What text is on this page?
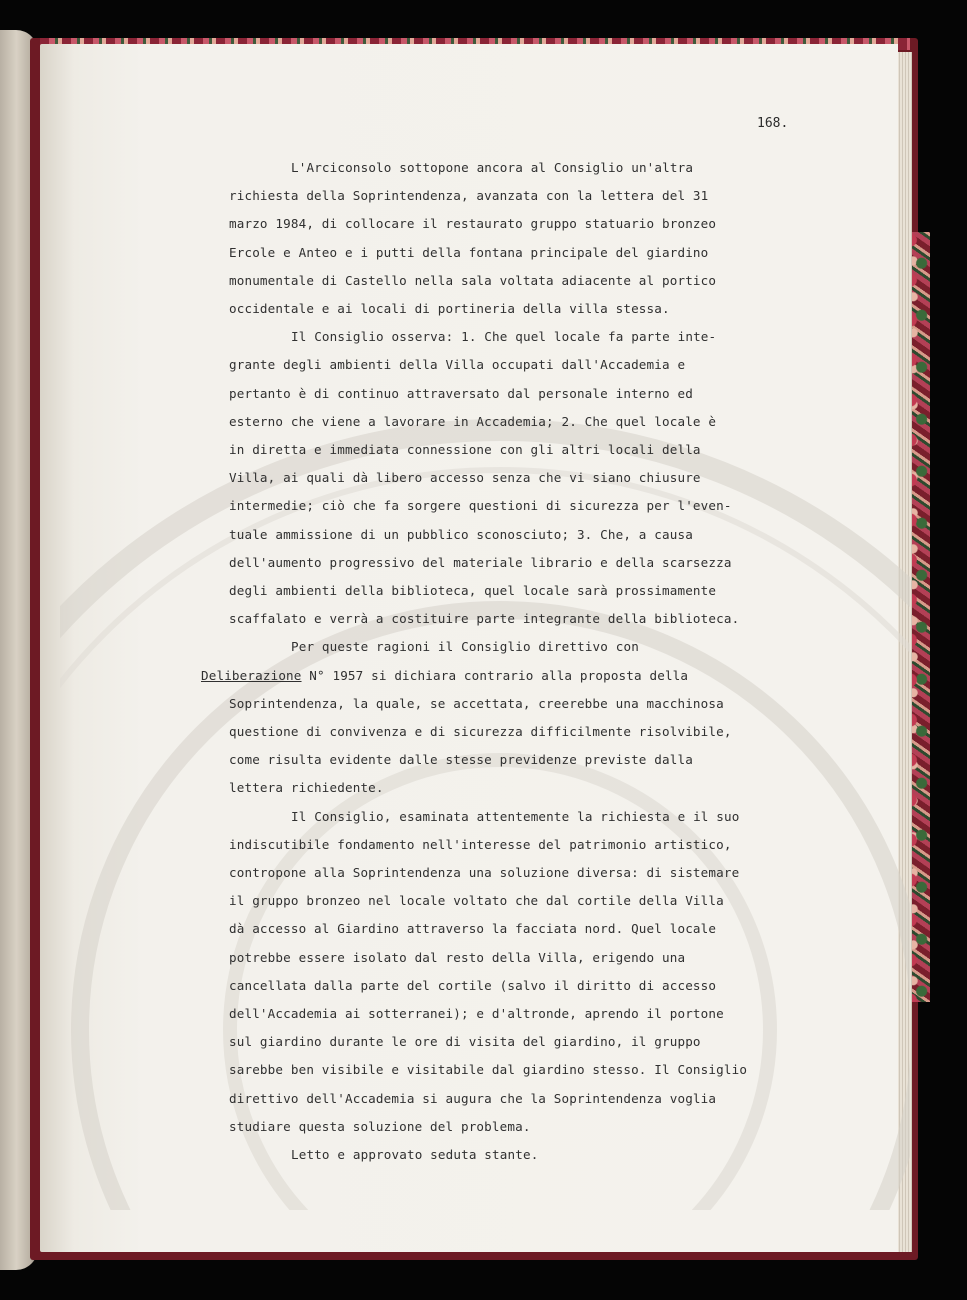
168.

L'Arciconsolo sottopone ancora al Consiglio un'altra

richiesta della Soprintendenza, avanzata con la lettera del 31

marzo 1984, di collocare il restaurato gruppo statuario bronzeo

Ercole e Anteo e i putti della fontana principale del giardino

monumentale di Castello nella sala voltata adiacente al portico

occidentale e ai locali di portineria della villa stessa.

Il Consiglio osserva: 1. Che quel locale fa parte inte-

grante degli ambienti della Villa occupati dall'Accademia e

pertanto è di continuo attraversato dal personale interno ed

esterno che viene a lavorare in Accademia; 2. Che quel locale è

in diretta e immediata connessione con gli altri locali della

Villa, ai quali dà libero accesso senza che vi siano chiusure

intermedie; ciò che fa sorgere questioni di sicurezza per l'even-

tuale ammissione di un pubblico sconosciuto; 3. Che, a causa

dell'aumento progressivo del materiale librario e della scarsezza

degli ambienti della biblioteca, quel locale sarà prossimamente

scaffalato e verrà a costituire parte integrante della biblioteca.

Per queste ragioni il Consiglio direttivo con

Deliberazione N° 1957 si dichiara contrario alla proposta della

Soprintendenza, la quale, se accettata, creerebbe una macchinosa

questione di convivenza e di sicurezza difficilmente risolvibile,

come risulta evidente dalle stesse previdenze previste dalla

lettera richiedente.

Il Consiglio, esaminata attentemente la richiesta e il suo

indiscutibile fondamento nell'interesse del patrimonio artistico,

contropone alla Soprintendenza una soluzione diversa: di sistemare

il gruppo bronzeo nel locale voltato che dal cortile della Villa

dà accesso al Giardino attraverso la facciata nord. Quel locale

potrebbe essere isolato dal resto della Villa, erigendo una

cancellata dalla parte del cortile (salvo il diritto di accesso

dell'Accademia ai sotterranei); e d'altronde, aprendo il portone

sul giardino durante le ore di visita del giardino, il gruppo

sarebbe ben visibile e visitabile dal giardino stesso. Il Consiglio

direttivo dell'Accademia si augura che la Soprintendenza voglia

studiare questa soluzione del problema.

Letto e approvato seduta stante.
